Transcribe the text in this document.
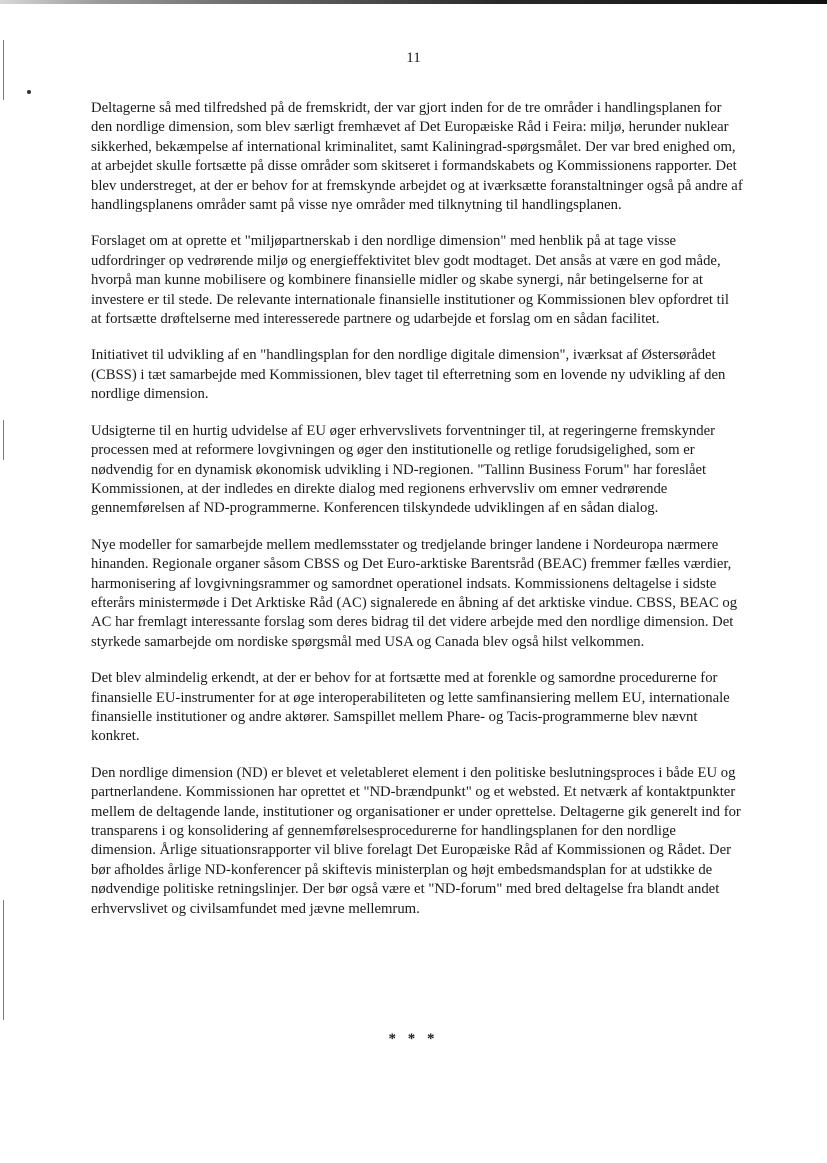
11

Deltagerne så med tilfredshed på de fremskridt, der var gjort inden for de tre områder i handlingsplanen for den nordlige dimension, som blev særligt fremhævet af Det Europæiske Råd i Feira: miljø, herunder nuklear sikkerhed, bekæmpelse af international kriminalitet, samt Kaliningrad-spørgsmålet. Der var bred enighed om, at arbejdet skulle fortsætte på disse områder som skitseret i formandskabets og Kommissionens rapporter. Det blev understreget, at der er behov for at fremskynde arbejdet og at iværksætte foranstaltninger også på andre af handlingsplanens områder samt på visse nye områder med tilknytning til handlingsplanen.

Forslaget om at oprette et "miljøpartnerskab i den nordlige dimension" med henblik på at tage visse udfordringer op vedrørende miljø og energieffektivitet blev godt modtaget. Det ansås at være en god måde, hvorpå man kunne mobilisere og kombinere finansielle midler og skabe synergi, når betingelserne for at investere er til stede. De relevante internationale finansielle institutioner og Kommissionen blev opfordret til at fortsætte drøftelserne med interesserede partnere og udarbejde et forslag om en sådan facilitet.

Initiativet til udvikling af en "handlingsplan for den nordlige digitale dimension", iværksat af Østersørådet (CBSS) i tæt samarbejde med Kommissionen, blev taget til efterretning som en lovende ny udvikling af den nordlige dimension.

Udsigterne til en hurtig udvidelse af EU øger erhvervslivets forventninger til, at regeringerne fremskynder processen med at reformere lovgivningen og øger den institutionelle og retlige forudsigelighed, som er nødvendig for en dynamisk økonomisk udvikling i ND-regionen. "Tallinn Business Forum" har foreslået Kommissionen, at der indledes en direkte dialog med regionens erhvervsliv om emner vedrørende gennemførelsen af ND-programmerne. Konferencen tilskyndede udviklingen af en sådan dialog.

Nye modeller for samarbejde mellem medlemsstater og tredjelande bringer landene i Nordeuropa nærmere hinanden. Regionale organer såsom CBSS og Det Euro-arktiske Barentsråd (BEAC) fremmer fælles værdier, harmonisering af lovgivningsrammer og samordnet operationel indsats. Kommissionens deltagelse i sidste efterårs ministermøde i Det Arktiske Råd (AC) signalerede en åbning af det arktiske vindue. CBSS, BEAC og AC har fremlagt interessante forslag som deres bidrag til det videre arbejde med den nordlige dimension. Det styrkede samarbejde om nordiske spørgsmål med USA og Canada blev også hilst velkommen.

Det blev almindelig erkendt, at der er behov for at fortsætte med at forenkle og samordne procedurerne for finansielle EU-instrumenter for at øge interoperabiliteten og lette samfinansiering mellem EU, internationale finansielle institutioner og andre aktører. Samspillet mellem Phare- og Tacis-programmerne blev nævnt konkret.

Den nordlige dimension (ND) er blevet et veletableret element i den politiske beslutningsproces i både EU og partnerlandene. Kommissionen har oprettet et "ND-brændpunkt" og et websted. Et netværk af kontaktpunkter mellem de deltagende lande, institutioner og organisationer er under oprettelse. Deltagerne gik generelt ind for transparens i og konsolidering af gennemførelsesprocedurerne for handlingsplanen for den nordlige dimension. Årlige situationsrapporter vil blive forelagt Det Europæiske Råd af Kommissionen og Rådet. Der bør afholdes årlige ND-konferencer på skiftevis ministerplan og højt embedsmandsplan for at udstikke de nødvendige politiske retningslinjer. Der bør også være et "ND-forum" med bred deltagelse fra blandt andet erhvervslivet og civilsamfundet med jævne mellemrum.

* * *
